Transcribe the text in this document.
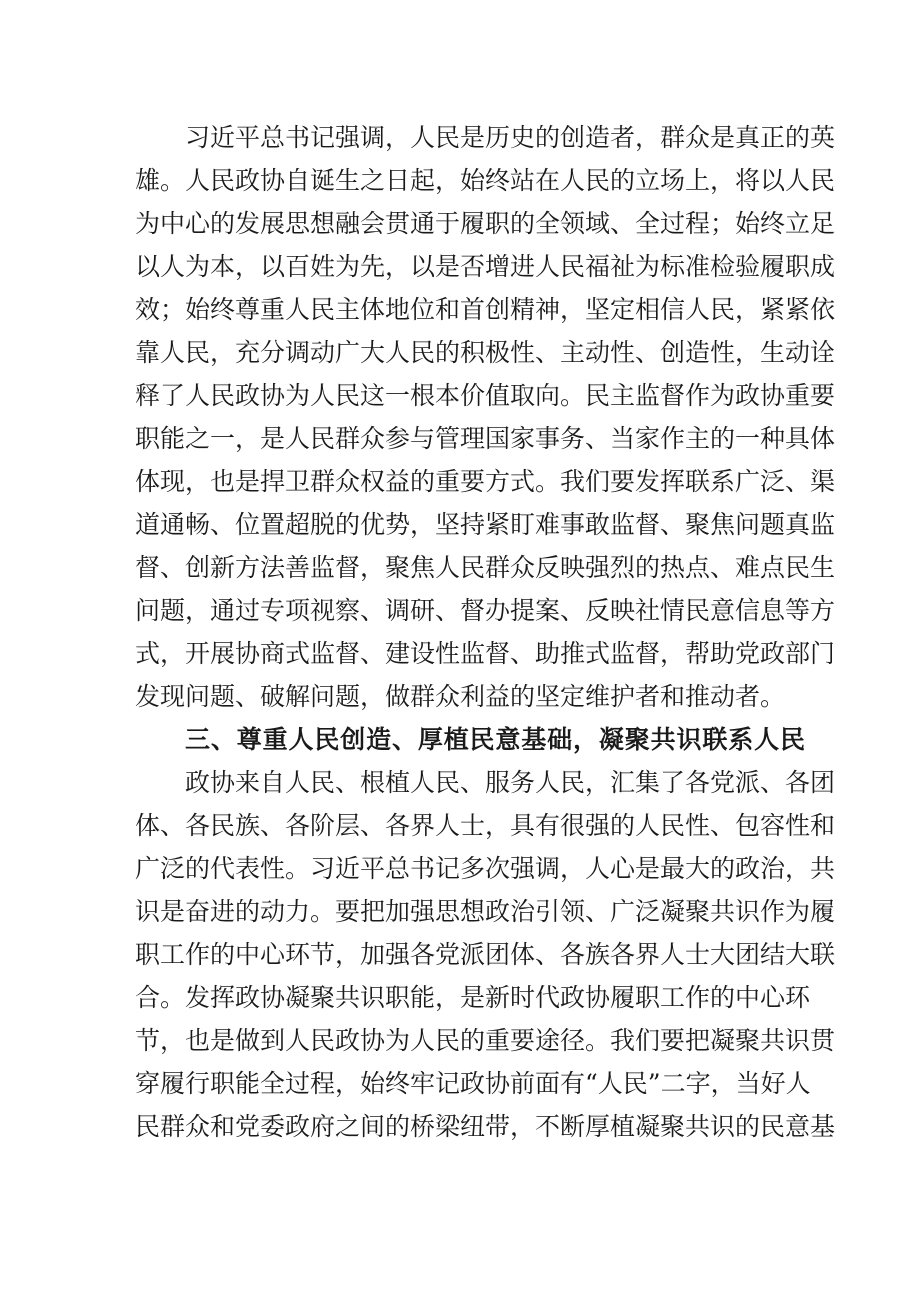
习近平总书记强调，人民是历史的创造者，群众是真正的英
雄。人民政协自诞生之日起，始终站在人民的立场上，将以人民
为中心的发展思想融会贯通于履职的全领域、全过程；始终立足
以人为本，以百姓为先，以是否增进人民福祉为标准检验履职成
效；始终尊重人民主体地位和首创精神，坚定相信人民，紧紧依
靠人民，充分调动广大人民的积极性、主动性、创造性，生动诠
释了人民政协为人民这一根本价值取向。民主监督作为政协重要
职能之一，是人民群众参与管理国家事务、当家作主的一种具体
体现，也是捍卫群众权益的重要方式。我们要发挥联系广泛、渠
道通畅、位置超脱的优势，坚持紧盯难事敢监督、聚焦问题真监
督、创新方法善监督，聚焦人民群众反映强烈的热点、难点民生
问题，通过专项视察、调研、督办提案、反映社情民意信息等方
式，开展协商式监督、建设性监督、助推式监督，帮助党政部门
发现问题、破解问题，做群众利益的坚定维护者和推动者。
三、尊重人民创造、厚植民意基础，凝聚共识联系人民
政协来自人民、根植人民、服务人民，汇集了各党派、各团
体、各民族、各阶层、各界人士，具有很强的人民性、包容性和
广泛的代表性。习近平总书记多次强调，人心是最大的政治，共
识是奋进的动力。要把加强思想政治引领、广泛凝聚共识作为履
职工作的中心环节，加强各党派团体、各族各界人士大团结大联
合。发挥政协凝聚共识职能，是新时代政协履职工作的中心环
节，也是做到人民政协为人民的重要途径。我们要把凝聚共识贯
穿履行职能全过程，始终牢记政协前面有“人民”二字，当好人
民群众和党委政府之间的桥梁纽带，不断厚植凝聚共识的民意基
